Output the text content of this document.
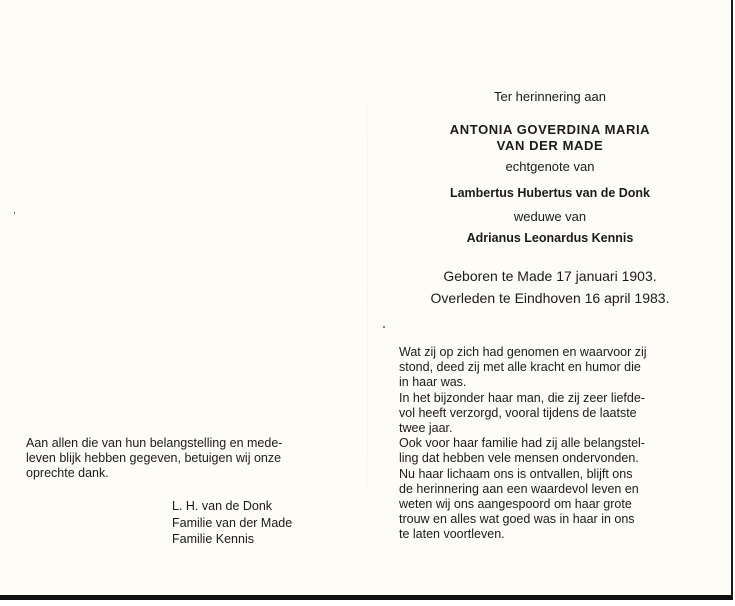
Ter herinnering aan
ANTONIA GOVERDINA MARIA
VAN DER MADE
echtgenote van
Lambertus Hubertus van de Donk
weduwe van
Adrianus Leonardus Kennis
Geboren te Made 17 januari 1903.
Overleden te Eindhoven 16 april 1983.
Wat zij op zich had genomen en waarvoor zij
stond, deed zij met alle kracht en humor die
in haar was.
In het bijzonder haar man, die zij zeer liefde-
vol heeft verzorgd, vooral tijdens de laatste
twee jaar.
Ook voor haar familie had zij alle belangstel-
ling dat hebben vele mensen ondervonden.
Nu haar lichaam ons is ontvallen, blijft ons
de herinnering aan een waardevol leven en
weten wij ons aangespoord om haar grote
trouw en alles wat goed was in haar in ons
te laten voortleven.
Aan allen die van hun belangstelling en mede-
leven blijk hebben gegeven, betuigen wij onze
oprechte dank.
L. H. van de Donk
Familie van der Made
Familie Kennis
